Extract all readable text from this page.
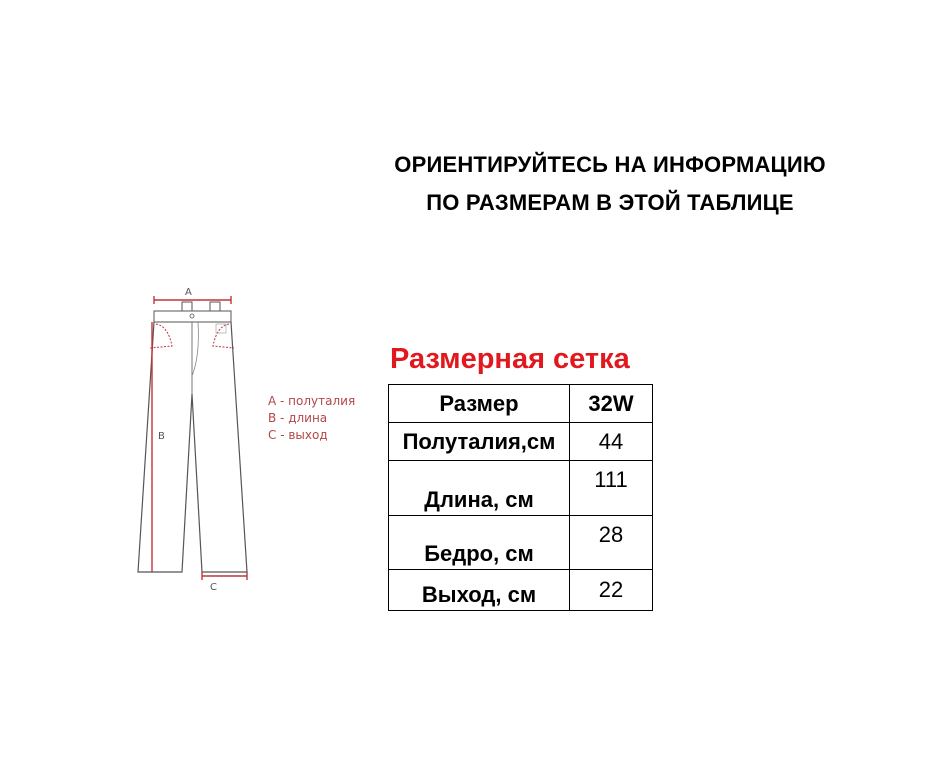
ОРИЕНТИРУЙТЕСЬ НА ИНФОРМАЦИЮ
ПО РАЗМЕРАМ В ЭТОЙ ТАБЛИЦЕ
A
B
C
A - полуталия
B - длина
C - выход
Размерная сетка
Размер	32W
Полуталия,см	44
Длина, см	111
Бедро, см	28
Выход, см	22
